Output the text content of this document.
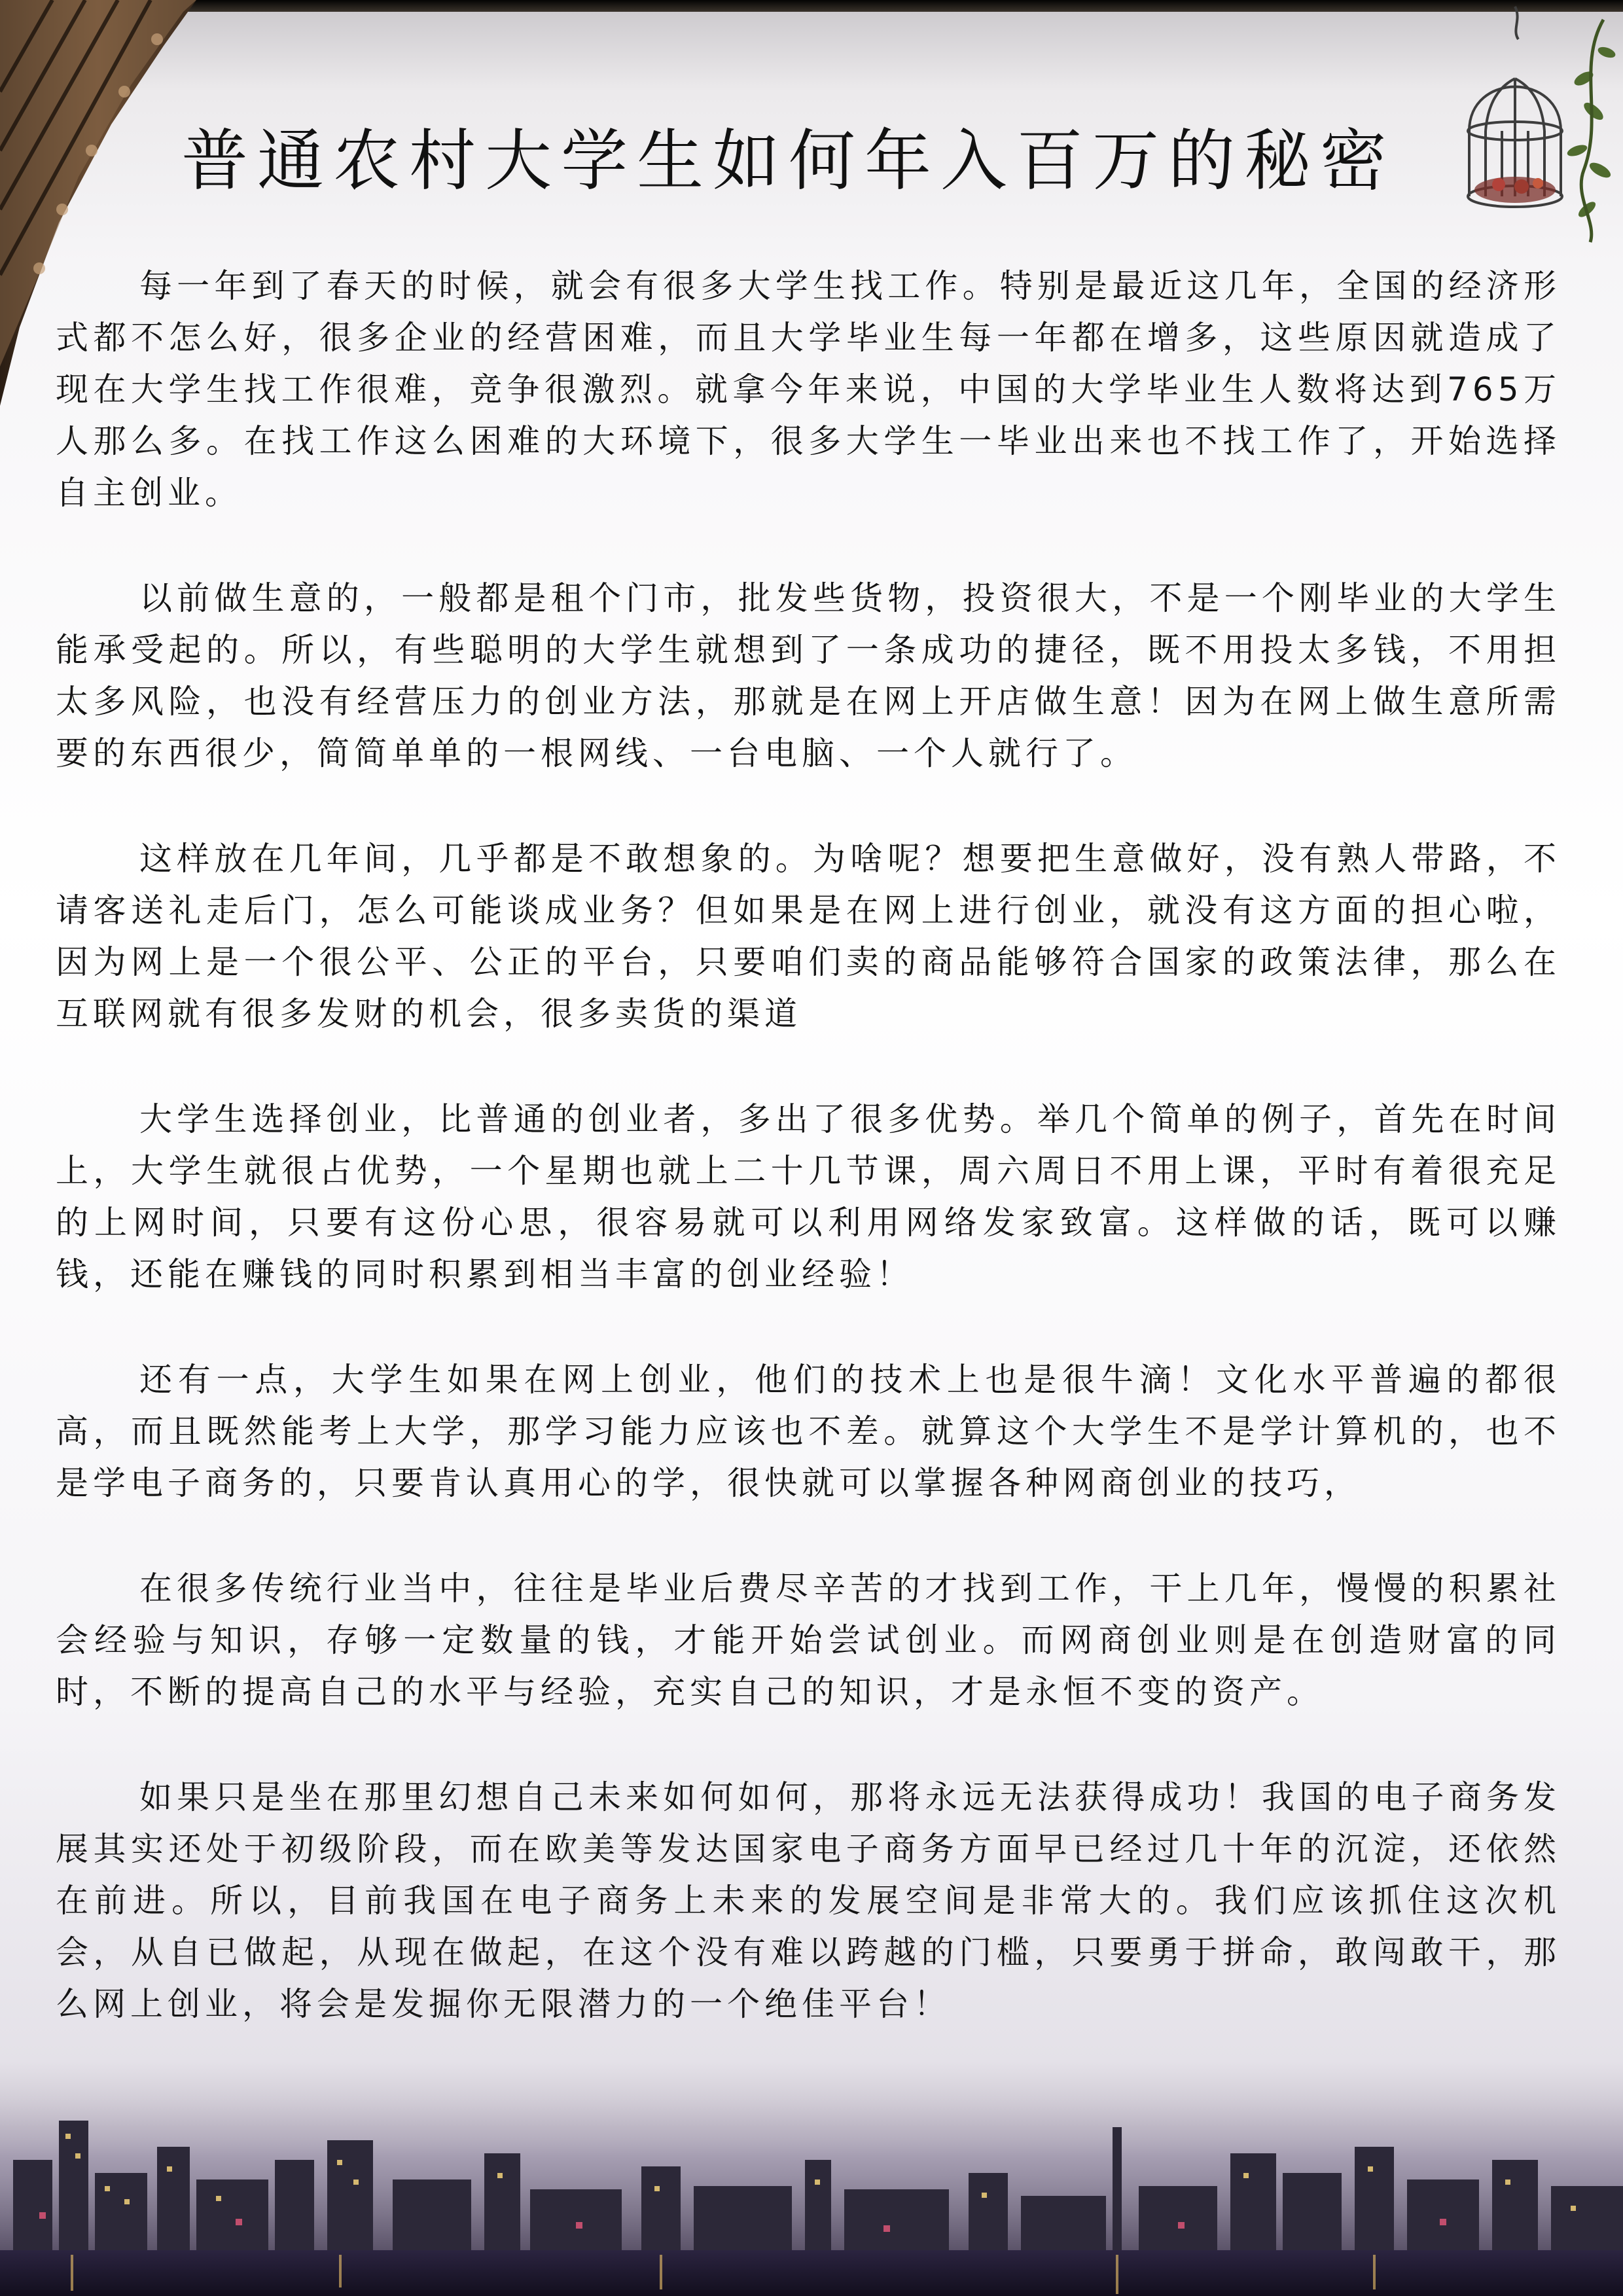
普通农村大学生如何年入百万的秘密

每一年到了春天的时候，就会有很多大学生找工作。特别是最近这几年，全国的经济形式都不怎么好，很多企业的经营困难，而且大学毕业生每一年都在增多，这些原因就造成了现在大学生找工作很难，竞争很激烈。就拿今年来说，中国的大学毕业生人数将达到765万人那么多。在找工作这么困难的大环境下，很多大学生一毕业出来也不找工作了，开始选择自主创业。

以前做生意的，一般都是租个门市，批发些货物，投资很大，不是一个刚毕业的大学生能承受起的。所以，有些聪明的大学生就想到了一条成功的捷径，既不用投太多钱，不用担太多风险，也没有经营压力的创业方法，那就是在网上开店做生意！因为在网上做生意所需要的东西很少，简简单单的一根网线、一台电脑、一个人就行了。

这样放在几年间，几乎都是不敢想象的。为啥呢？想要把生意做好，没有熟人带路，不请客送礼走后门，怎么可能谈成业务？但如果是在网上进行创业，就没有这方面的担心啦，因为网上是一个很公平、公正的平台，只要咱们卖的商品能够符合国家的政策法律，那么在互联网就有很多发财的机会，很多卖货的渠道

大学生选择创业，比普通的创业者，多出了很多优势。举几个简单的例子，首先在时间上，大学生就很占优势，一个星期也就上二十几节课，周六周日不用上课，平时有着很充足的上网时间，只要有这份心思，很容易就可以利用网络发家致富。这样做的话，既可以赚钱，还能在赚钱的同时积累到相当丰富的创业经验！

还有一点，大学生如果在网上创业，他们的技术上也是很牛滴！文化水平普遍的都很高，而且既然能考上大学，那学习能力应该也不差。就算这个大学生不是学计算机的，也不是学电子商务的，只要肯认真用心的学，很快就可以掌握各种网商创业的技巧，

在很多传统行业当中，往往是毕业后费尽辛苦的才找到工作，干上几年，慢慢的积累社会经验与知识，存够一定数量的钱，才能开始尝试创业。而网商创业则是在创造财富的同时，不断的提高自己的水平与经验，充实自己的知识，才是永恒不变的资产。

如果只是坐在那里幻想自己未来如何如何，那将永远无法获得成功！我国的电子商务发展其实还处于初级阶段，而在欧美等发达国家电子商务方面早已经过几十年的沉淀，还依然在前进。所以，目前我国在电子商务上未来的发展空间是非常大的。我们应该抓住这次机会，从自已做起，从现在做起，在这个没有难以跨越的门槛，只要勇于拼命，敢闯敢干，那么网上创业，将会是发掘你无限潜力的一个绝佳平台！
